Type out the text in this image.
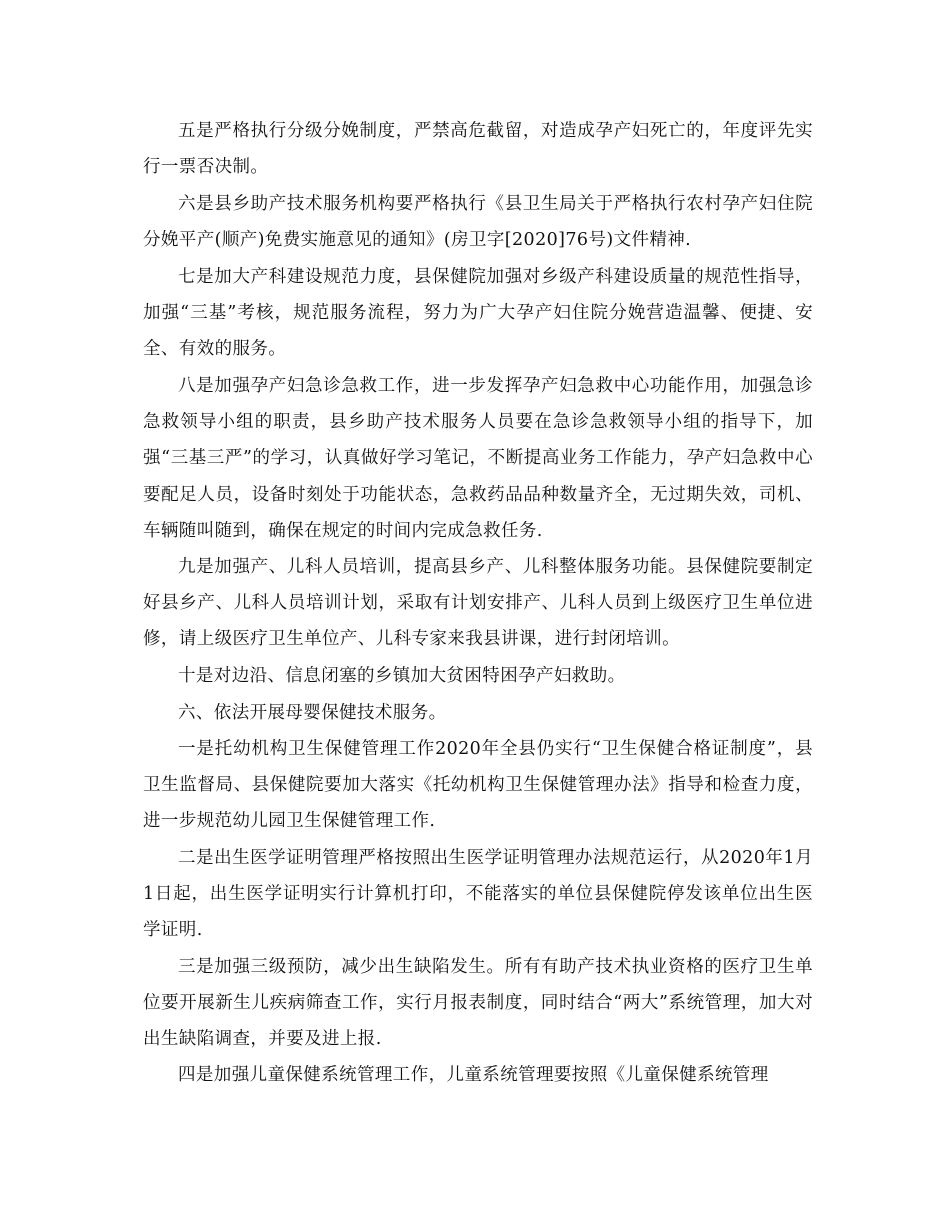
五是严格执行分级分娩制度，严禁高危截留，对造成孕产妇死亡的，年度评先实行一票否决制。

六是县乡助产技术服务机构要严格执行《县卫生局关于严格执行农村孕产妇住院分娩平产(顺产)免费实施意见的通知》(房卫字[2020]76号)文件精神.

七是加大产科建设规范力度，县保健院加强对乡级产科建设质量的规范性指导，加强“三基”考核，规范服务流程，努力为广大孕产妇住院分娩营造温馨、便捷、安全、有效的服务。

八是加强孕产妇急诊急救工作，进一步发挥孕产妇急救中心功能作用，加强急诊急救领导小组的职责，县乡助产技术服务人员要在急诊急救领导小组的指导下，加强“三基三严”的学习，认真做好学习笔记，不断提高业务工作能力，孕产妇急救中心要配足人员，设备时刻处于功能状态，急救药品品种数量齐全，无过期失效，司机、车辆随叫随到，确保在规定的时间内完成急救任务.

九是加强产、儿科人员培训，提高县乡产、儿科整体服务功能。县保健院要制定好县乡产、儿科人员培训计划，采取有计划安排产、儿科人员到上级医疗卫生单位进修，请上级医疗卫生单位产、儿科专家来我县讲课，进行封闭培训。

十是对边沿、信息闭塞的乡镇加大贫困特困孕产妇救助。

六、依法开展母婴保健技术服务。

一是托幼机构卫生保健管理工作2020年全县仍实行“卫生保健合格证制度”，县卫生监督局、县保健院要加大落实《托幼机构卫生保健管理办法》指导和检查力度，进一步规范幼儿园卫生保健管理工作.

二是出生医学证明管理严格按照出生医学证明管理办法规范运行，从2020年1月1日起，出生医学证明实行计算机打印，不能落实的单位县保健院停发该单位出生医学证明.

三是加强三级预防，减少出生缺陷发生。所有有助产技术执业资格的医疗卫生单位要开展新生儿疾病筛查工作，实行月报表制度，同时结合“两大”系统管理，加大对出生缺陷调查，并要及进上报.

四是加强儿童保健系统管理工作，儿童系统管理要按照《儿童保健系统管理
